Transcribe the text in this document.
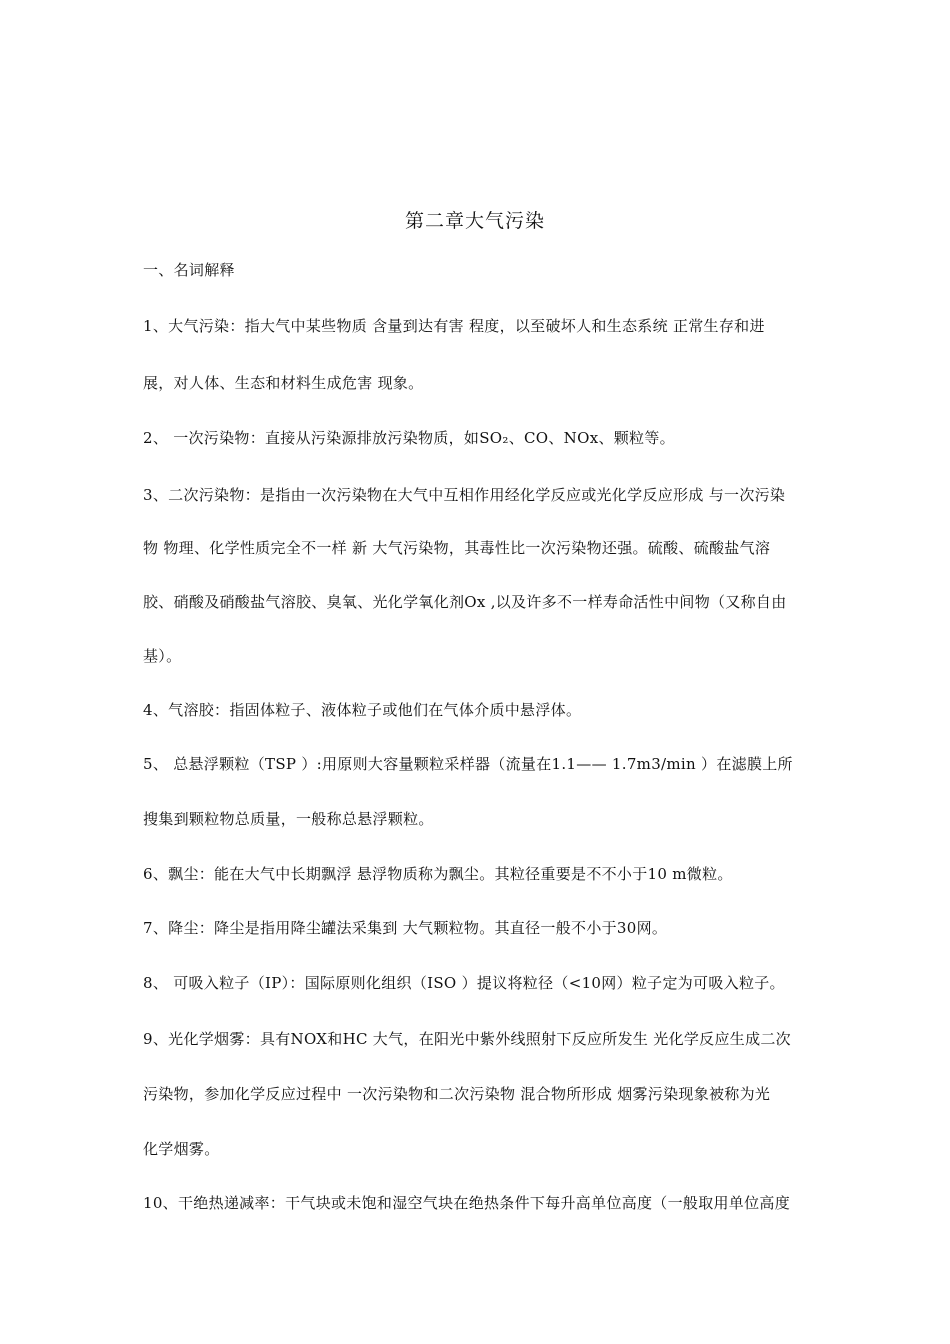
第二章大气污染
一、名词解释
1、大气污染：指大气中某些物质 含量到达有害 程度，以至破坏人和生态系统 正常生存和进
展，对人体、生态和材料生成危害 现象。
2、 一次污染物：直接从污染源排放污染物质，如SO₂、CO、NOx、颗粒等。
3、二次污染物：是指由一次污染物在大气中互相作用经化学反应或光化学反应形成 与一次污染
物 物理、化学性质完全不一样 新 大气污染物，其毒性比一次污染物还强。硫酸、硫酸盐气溶
胶、硝酸及硝酸盐气溶胶、臭氧、光化学氧化剂Ox ,以及许多不一样寿命活性中间物（又称自由
基）。
4、气溶胶：指固体粒子、液体粒子或他们在气体介质中悬浮体。
5、 总悬浮颗粒（TSP ）:用原则大容量颗粒采样器（流量在1.1—— 1.7m3/min ）在滤膜上所
搜集到颗粒物总质量，一般称总悬浮颗粒。
6、飘尘：能在大气中长期飘浮 悬浮物质称为飘尘。其粒径重要是不不小于10 m微粒。
7、降尘：降尘是指用降尘罐法采集到 大气颗粒物。其直径一般不小于30网。
8、 可吸入粒子（IP）：国际原则化组织（ISO ）提议将粒径（<10网）粒子定为可吸入粒子。
9、光化学烟雾：具有NOX和HC 大气，在阳光中紫外线照射下反应所发生 光化学反应生成二次
污染物，参加化学反应过程中 一次污染物和二次污染物 混合物所形成 烟雾污染现象被称为光
化学烟雾。
10、干绝热递减率：干气块或未饱和湿空气块在绝热条件下每升高单位高度（一般取用单位高度
